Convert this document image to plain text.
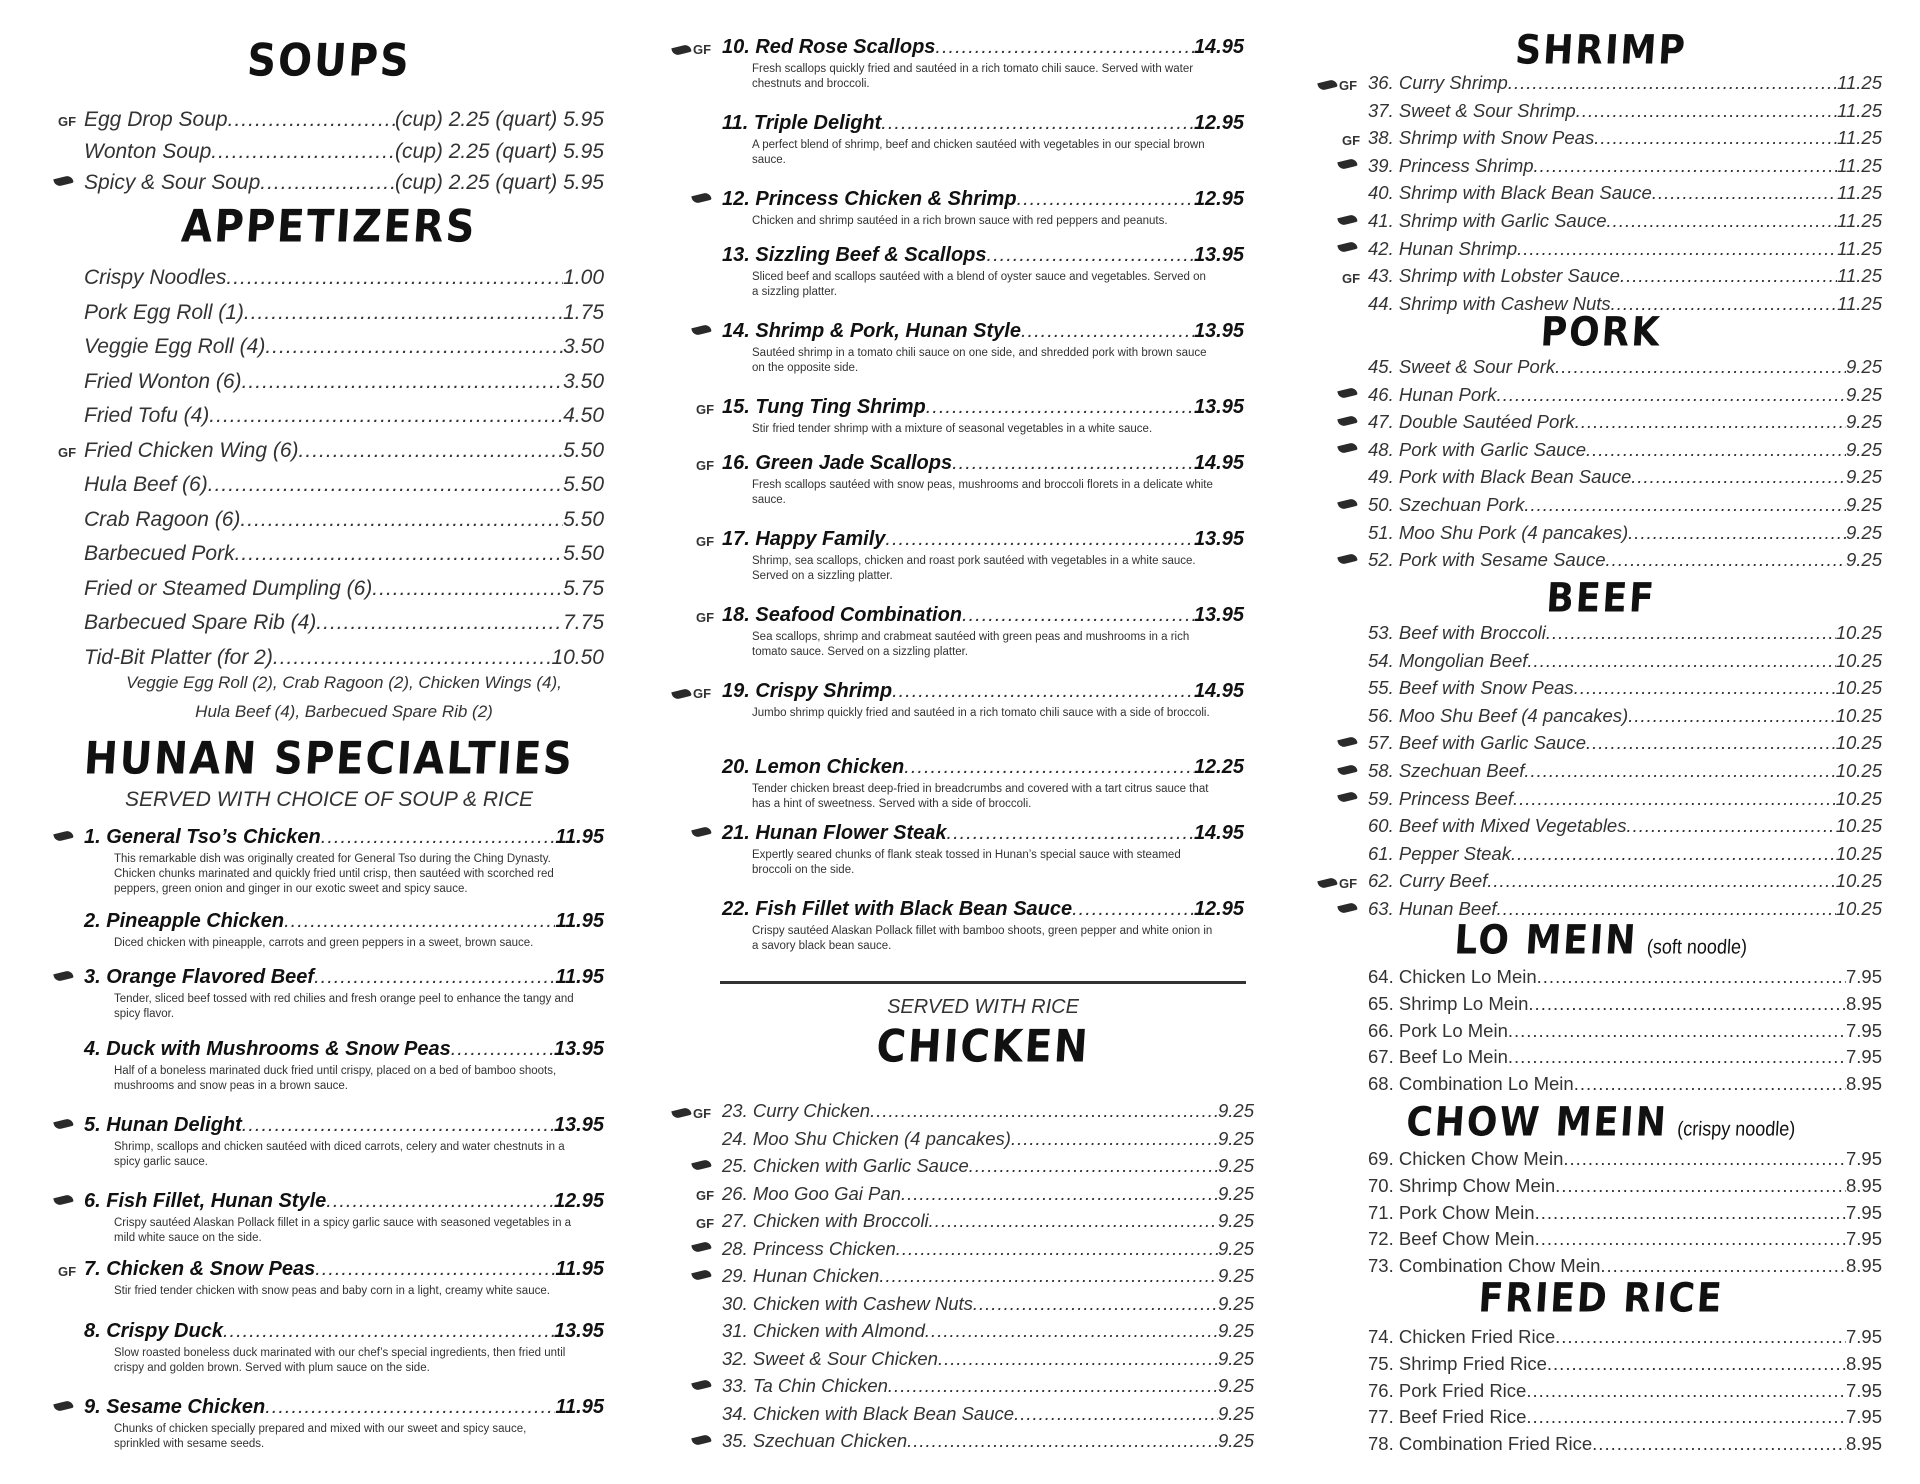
SOUPS
GF Egg Drop Soup .....	(cup) 2.25 (quart) 5.95
Wonton Soup .....	(cup) 2.25 (quart) 5.95
Spicy & Sour Soup .....	(cup) 2.25 (quart) 5.95
APPETIZERS
Crispy Noodles .....	1.00
Pork Egg Roll (1) .....	1.75
Veggie Egg Roll (4) .....	3.50
Fried Wonton (6) .....	3.50
Fried Tofu (4) .....	4.50
GF Fried Chicken Wing (6) .....	5.50
Hula Beef (6) .....	5.50
Crab Ragoon (6) .....	5.50
Barbecued Pork .....	5.50
Fried or Steamed Dumpling (6) .....	5.75
Barbecued Spare Rib (4) .....	7.75
Tid-Bit Platter (for 2) .....	10.50
Veggie Egg Roll (2), Crab Ragoon (2), Chicken Wings (4),
Hula Beef (4), Barbecued Spare Rib (2)
HUNAN SPECIALTIES
SERVED WITH CHOICE OF SOUP & RICE
1. General Tso’s Chicken .....	11.95
This remarkable dish was originally created for General Tso during the Ching Dynasty. Chicken chunks marinated and quickly fried until crisp, then sautéed with scorched red peppers, green onion and ginger in our exotic sweet and spicy sauce.
2. Pineapple Chicken .....	11.95
Diced chicken with pineapple, carrots and green peppers in a sweet, brown sauce.
3. Orange Flavored Beef .....	11.95
Tender, sliced beef tossed with red chilies and fresh orange peel to enhance the tangy and spicy flavor.
4. Duck with Mushrooms & Snow Peas .....	13.95
Half of a boneless marinated duck fried until crispy, placed on a bed of bamboo shoots, mushrooms and snow peas in a brown sauce.
5. Hunan Delight .....	13.95
Shrimp, scallops and chicken sautéed with diced carrots, celery and water chestnuts in a spicy garlic sauce.
6. Fish Fillet, Hunan Style .....	12.95
Crispy sautéed Alaskan Pollack fillet in a spicy garlic sauce with seasoned vegetables in a mild white sauce on the side.
GF 7. Chicken & Snow Peas .....	11.95
Stir fried tender chicken with snow peas and baby corn in a light, creamy white sauce.
8. Crispy Duck .....	13.95
Slow roasted boneless duck marinated with our chef’s special ingredients, then fried until crispy and golden brown. Served with plum sauce on the side.
9. Sesame Chicken .....	11.95
Chunks of chicken specially prepared and mixed with our sweet and spicy sauce, sprinkled with sesame seeds.
GF 10. Red Rose Scallops .....	14.95
Fresh scallops quickly fried and sautéed in a rich tomato chili sauce. Served with water chestnuts and broccoli.
11. Triple Delight .....	12.95
A perfect blend of shrimp, beef and chicken sautéed with vegetables in our special brown sauce.
12. Princess Chicken & Shrimp .....	12.95
Chicken and shrimp sautéed in a rich brown sauce with red peppers and peanuts.
13. Sizzling Beef & Scallops .....	13.95
Sliced beef and scallops sautéed with a blend of oyster sauce and vegetables. Served on a sizzling platter.
14. Shrimp & Pork, Hunan Style .....	13.95
Sautéed shrimp in a tomato chili sauce on one side, and shredded pork with brown sauce on the opposite side.
GF 15. Tung Ting Shrimp .....	13.95
Stir fried tender shrimp with a mixture of seasonal vegetables in a white sauce.
GF 16. Green Jade Scallops .....	14.95
Fresh scallops sautéed with snow peas, mushrooms and broccoli florets in a delicate white sauce.
GF 17. Happy Family .....	13.95
Shrimp, sea scallops, chicken and roast pork sautéed with vegetables in a white sauce. Served on a sizzling platter.
GF 18. Seafood Combination .....	13.95
Sea scallops, shrimp and crabmeat sautéed with green peas and mushrooms in a rich tomato sauce. Served on a sizzling platter.
GF 19. Crispy Shrimp .....	14.95
Jumbo shrimp quickly fried and sautéed in a rich tomato chili sauce with a side of broccoli.
20. Lemon Chicken .....	12.25
Tender chicken breast deep-fried in breadcrumbs and covered with a tart citrus sauce that has a hint of sweetness. Served with a side of broccoli.
21. Hunan Flower Steak .....	14.95
Expertly seared chunks of flank steak tossed in Hunan’s special sauce with steamed broccoli on the side.
22. Fish Fillet with Black Bean Sauce .....	12.95
Crispy sautéed Alaskan Pollack fillet with bamboo shoots, green pepper and white onion in a savory black bean sauce.
SERVED WITH RICE
CHICKEN
GF 23. Curry Chicken .....	9.25
24. Moo Shu Chicken (4 pancakes) .....	9.25
25. Chicken with Garlic Sauce .....	9.25
GF 26. Moo Goo Gai Pan .....	9.25
GF 27. Chicken with Broccoli .....	9.25
28. Princess Chicken .....	9.25
29. Hunan Chicken .....	9.25
30. Chicken with Cashew Nuts .....	9.25
31. Chicken with Almond .....	9.25
32. Sweet & Sour Chicken .....	9.25
33. Ta Chin Chicken .....	9.25
34. Chicken with Black Bean Sauce .....	9.25
35. Szechuan Chicken .....	9.25
SHRIMP
GF 36. Curry Shrimp .....	11.25
37. Sweet & Sour Shrimp .....	11.25
GF 38. Shrimp with Snow Peas .....	11.25
39. Princess Shrimp .....	11.25
40. Shrimp with Black Bean Sauce .....	11.25
41. Shrimp with Garlic Sauce .....	11.25
42. Hunan Shrimp .....	11.25
GF 43. Shrimp with Lobster Sauce .....	11.25
44. Shrimp with Cashew Nuts .....	11.25
PORK
45. Sweet & Sour Pork .....	9.25
46. Hunan Pork .....	9.25
47. Double Sautéed Pork .....	9.25
48. Pork with Garlic Sauce .....	9.25
49. Pork with Black Bean Sauce .....	9.25
50. Szechuan Pork .....	9.25
51. Moo Shu Pork (4 pancakes) .....	9.25
52. Pork with Sesame Sauce .....	9.25
BEEF
53. Beef with Broccoli .....	10.25
54. Mongolian Beef .....	10.25
55. Beef with Snow Peas .....	10.25
56. Moo Shu Beef (4 pancakes) .....	10.25
57. Beef with Garlic Sauce .....	10.25
58. Szechuan Beef .....	10.25
59. Princess Beef .....	10.25
60. Beef with Mixed Vegetables .....	10.25
61. Pepper Steak .....	10.25
GF 62. Curry Beef .....	10.25
63. Hunan Beef .....	10.25
LO MEIN (soft noodle)
64. Chicken Lo Mein .....	7.95
65. Shrimp Lo Mein .....	8.95
66. Pork Lo Mein .....	7.95
67. Beef Lo Mein .....	7.95
68. Combination Lo Mein .....	8.95
CHOW MEIN (crispy noodle)
69. Chicken Chow Mein .....	7.95
70. Shrimp Chow Mein .....	8.95
71. Pork Chow Mein .....	7.95
72. Beef Chow Mein .....	7.95
73. Combination Chow Mein .....	8.95
FRIED RICE
74. Chicken Fried Rice .....	7.95
75. Shrimp Fried Rice .....	8.95
76. Pork Fried Rice .....	7.95
77. Beef Fried Rice .....	7.95
78. Combination Fried Rice .....	8.95
